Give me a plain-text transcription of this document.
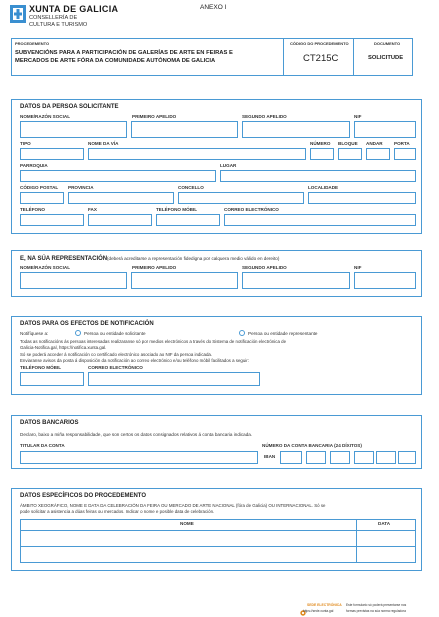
XUNTA DE GALICIA
CONSELLERÍA DE
CULTURA E TURISMO
ANEXO I
PROCEDEMENTO
SUBVENCIÓNS PARA A PARTICIPACIÓN DE GALERÍAS DE ARTE EN FEIRAS E
MERCADOS DE ARTE FÓRA DA COMUNIDADE AUTÓNOMA DE GALICIA
CÓDIGO DO PROCEDEMENTO
CT215C
DOCUMENTO
SOLICITUDE
DATOS DA PERSOA SOLICITANTE
NOME/RAZÓN SOCIAL	PRIMEIRO APELIDO	SEGUNDO APELIDO	NIF
TIPO	NOME DA VÍA	NÚMERO BLOQUE ANDAR PORTA
PARROQUIA	LUGAR
CÓDIGO POSTAL PROVINCIA	CONCELLO	LOCALIDADE
TELÉFONO	FAX	TELÉFONO MÓBIL	CORREO ELECTRÓNICO
E, NA SÚA REPRESENTACIÓN (deberá acreditarse a representación fidedigna por calquera medio válido en dereito)
NOME/RAZÓN SOCIAL	PRIMEIRO APELIDO	SEGUNDO APELIDO	NIF
DATOS PARA OS EFECTOS DE NOTIFICACIÓN
Notifíquese a:	Persoa ou entidade solicitante	Persoa ou entidade representante
Todas as notificacións ás persoas interesadas realizaranse só por medios electrónicos a través do Sistema de notificación electrónica de
Galicia-Notifica.gal, https://notifica.xunta.gal.
Só se poderá acceder á notificación co certificado electrónico asociado ao NIF da persoa indicada.
Enviaranse avisos da posta á disposición da notificación ao correo electrónico e/ou teléfono móbil facilitados a seguir:
TELÉFONO MÓBIL	CORREO ELECTRÓNICO
DATOS BANCARIOS
Declaro, baixo a miña responsabilidade, que son certos os datos consignados relativos á conta bancaria indicada.
TITULAR DA CONTA	NÚMERO DA CONTA BANCARIA (24 DÍXITOS)
IBAN
DATOS ESPECÍFICOS DO PROCEDEMENTO
ÁMBITO XEOGRÁFICO, NOME E DATA DA CELEBRACIÓN DA FEIRA OU MERCADO DE ARTE NACIONAL (fóra de Galicia) OU INTERNACIONAL. Só se
pode solicitar a asistencia a dúas feiras ou mercados. Indicar o nome e posible data de celebración.
NOME	DATA
SEDE ELECTRÓNICA Este formulario só poderá presentarse nos
https://sede.xunta.gal	formas previstas na súa norma reguladora
